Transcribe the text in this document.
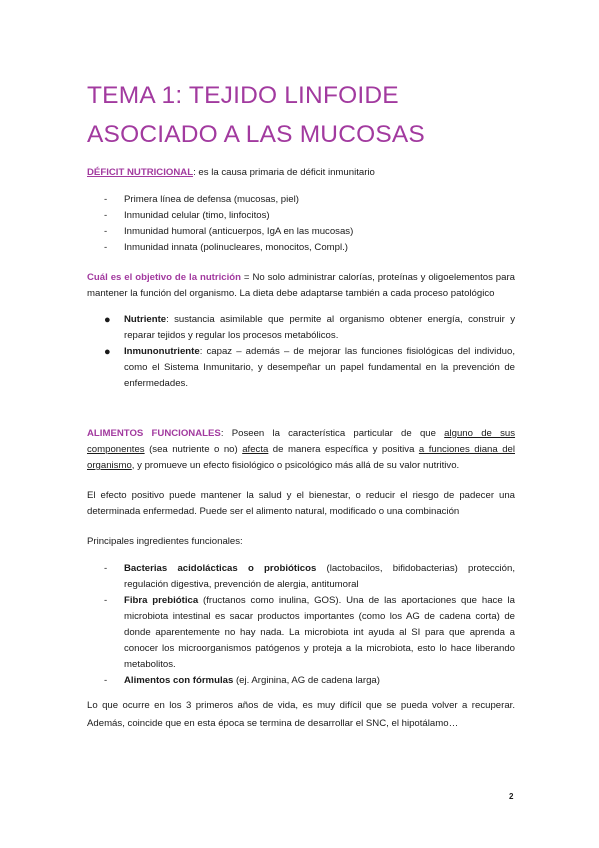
TEMA 1: TEJIDO LINFOIDE ASOCIADO A LAS MUCOSAS

DÉFICIT NUTRICIONAL: es la causa primaria de déficit inmunitario

- Primera línea de defensa (mucosas, piel)
- Inmunidad celular (timo, linfocitos)
- Inmunidad humoral (anticuerpos, IgA en las mucosas)
- Inmunidad innata (polinucleares, monocitos, Compl.)

Cuál es el objetivo de la nutrición = No solo administrar calorías, proteínas y oligoelementos para mantener la función del organismo. La dieta debe adaptarse también a cada proceso patológico

● Nutriente: sustancia asimilable que permite al organismo obtener energía, construir y reparar tejidos y regular los procesos metabólicos.
● Inmunonutriente: capaz – además – de mejorar las funciones fisiológicas del individuo, como el Sistema Inmunitario, y desempeñar un papel fundamental en la prevención de enfermedades.

ALIMENTOS FUNCIONALES: Poseen la característica particular de que alguno de sus componentes (sea nutriente o no) afecta de manera específica y positiva a funciones diana del organismo, y promueve un efecto fisiológico o psicológico más allá de su valor nutritivo.

El efecto positivo puede mantener la salud y el bienestar, o reducir el riesgo de padecer una determinada enfermedad. Puede ser el alimento natural, modificado o una combinación

Principales ingredientes funcionales:

- Bacterias acidolácticas o probióticos (lactobacilos, bifidobacterias) protección, regulación digestiva, prevención de alergia, antitumoral
- Fibra prebiótica (fructanos como inulina, GOS). Una de las aportaciones que hace la microbiota intestinal es sacar productos importantes (como los AG de cadena corta) de donde aparentemente no hay nada. La microbiota int ayuda al SI para que aprenda a conocer los microorganismos patógenos y proteja a la microbiota, esto lo hace liberando metabolitos.
- Alimentos con fórmulas (ej. Arginina, AG de cadena larga)

Lo que ocurre en los 3 primeros años de vida, es muy difícil que se pueda volver a recuperar. Además, coincide que en esta época se termina de desarrollar el SNC, el hipotálamo…

2
